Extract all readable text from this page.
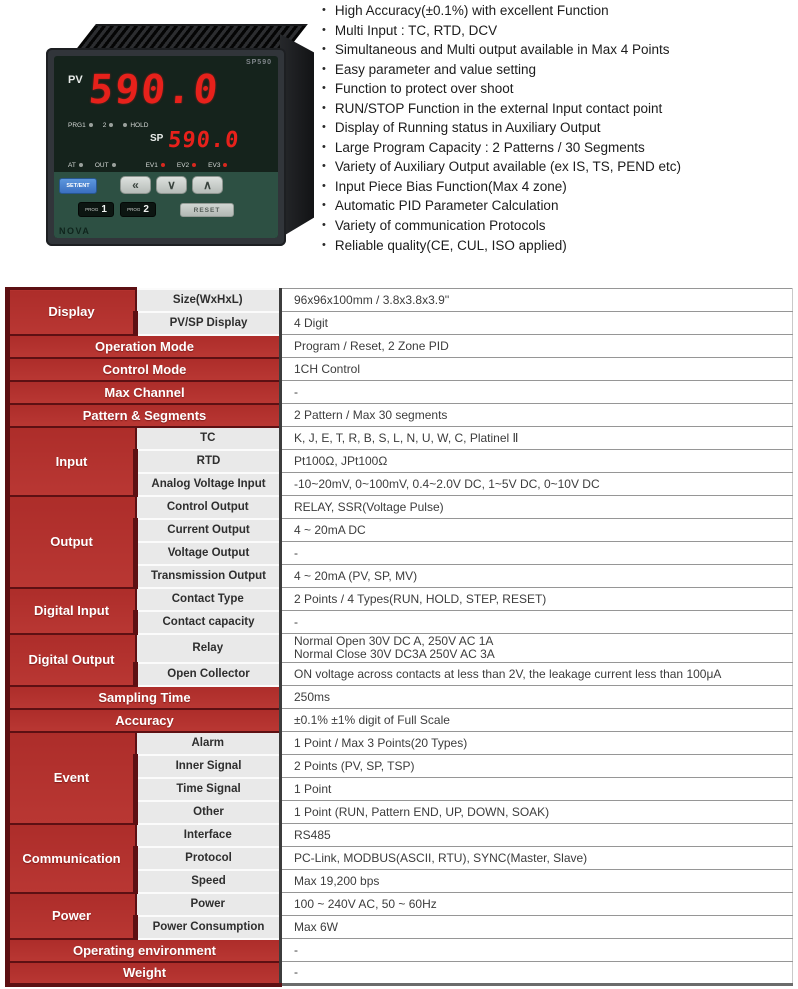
SP590
PV 590.0
PRG1	2	HOLD
SP 590.0
AT	OUT	EV1	EV2	EV3
SET/ENT	«	∨	∧
PROG 1	PROG 2	RESET
NOVA
• High Accuracy(±0.1%) with excellent Function
• Multi Input : TC, RTD, DCV
• Simultaneous and Multi output available in Max 4 Points
• Easy parameter and value setting
• Function to protect over shoot
• RUN/STOP Function in the external Input contact point
• Display of Running status in Auxiliary Output
• Large Program Capacity : 2 Patterns / 30 Segments
• Variety of Auxiliary Output available (ex IS, TS, PEND etc)
• Input Piece Bias Function(Max 4 zone)
• Automatic PID Parameter Calculation
• Variety of communication Protocols
• Reliable quality(CE, CUL, ISO applied)
Display	Size(WxHxL)	96x96x100mm / 3.8x3.8x3.9''

	PV/SP Display	4 Digit

Operation Mode		Program / Reset, 2 Zone PID

Control Mode		1CH Control

Max Channel		-

Pattern & Segments		2 Pattern / Max 30 segments

Input	TC	K, J, E, T, R, B, S, L, N, U, W, C, Platinel Ⅱ

	RTD	Pt100Ω, JPt100Ω

	Analog Voltage Input	-10~20mV, 0~100mV, 0.4~2.0V DC, 1~5V DC, 0~10V DC

Output	Control Output	RELAY, SSR(Voltage Pulse)

	Current Output	4 ~ 20mA DC

	Voltage Output	-

	Transmission Output	4 ~ 20mA (PV, SP, MV)

Digital Input	Contact Type	2 Points / 4 Types(RUN, HOLD, STEP, RESET)

	Contact capacity	-

Digital Output	Relay	Normal Open 30V DC A, 250V AC 1A
Normal Close 30V DC3A 250V AC 3A

	Open Collector	ON voltage across contacts at less than 2V, the leakage current less than 100μA

Sampling Time		250ms

Accuracy		±0.1% ±1% digit of Full Scale

Event	Alarm	1 Point / Max 3 Points(20 Types)

	Inner Signal	2 Points (PV, SP, TSP)

	Time Signal	1 Point

	Other	1 Point (RUN, Pattern END, UP, DOWN, SOAK)

Communication	Interface	RS485

	Protocol	PC-Link, MODBUS(ASCII, RTU), SYNC(Master, Slave)

	Speed	Max 19,200 bps

Power	Power	100 ~ 240V AC, 50 ~ 60Hz

	Power Consumption	Max 6W

Operating environment		-

Weight		-
